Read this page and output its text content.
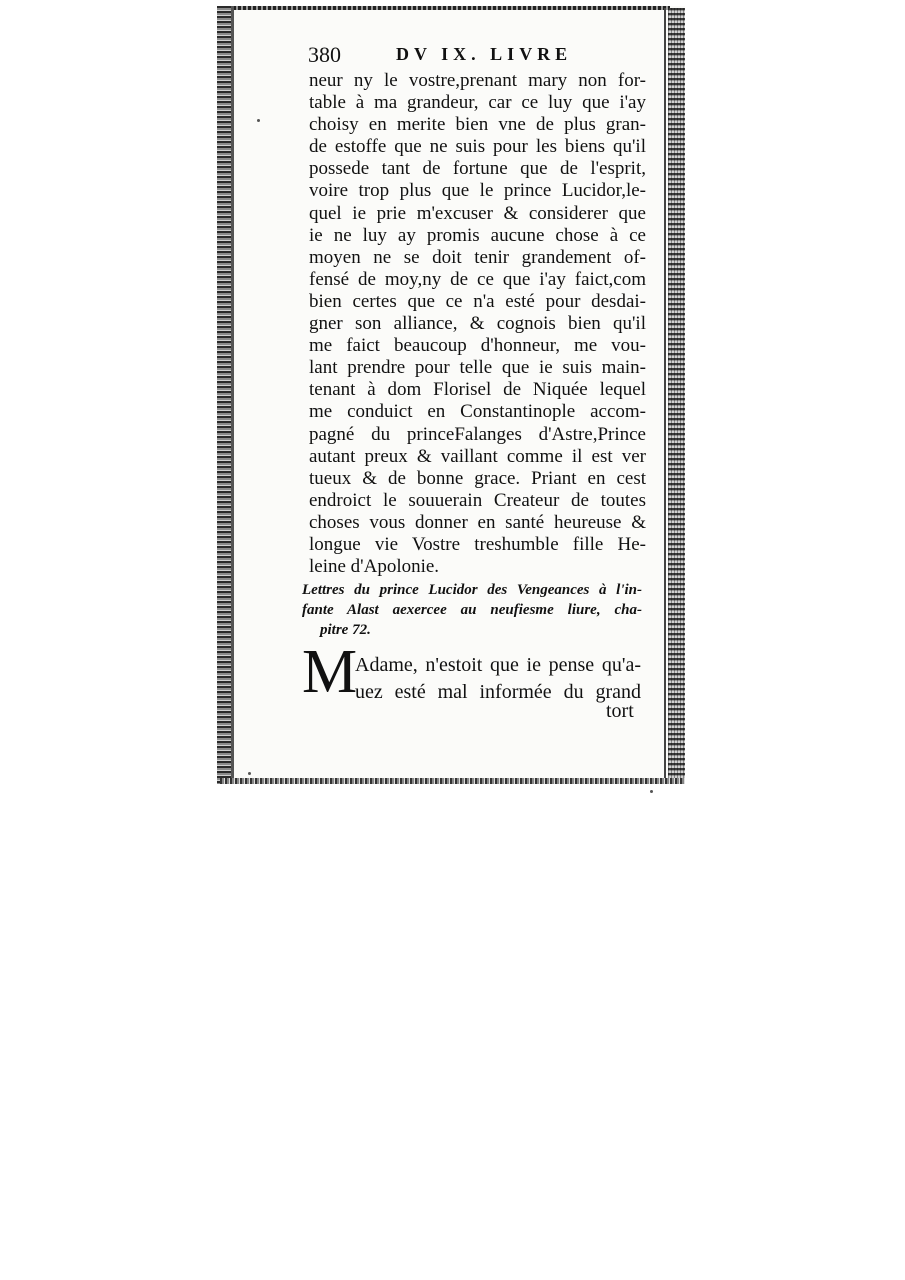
380	DV IX. LIVRE
neur ny le vostre,prenant mary non for-
table à ma grandeur, car ce luy que i'ay
choisy en merite bien vne de plus gran-
de estoffe que ne suis pour les biens qu'il
possede tant de fortune que de l'esprit,
voire trop plus que le prince Lucidor,le-
quel ie prie m'excuser & considerer que
ie ne luy ay promis aucune chose à ce
moyen ne se doit tenir grandement of-
fensé de moy,ny de ce que i'ay faict,com
bien certes que ce n'a esté pour desdai-
gner son alliance, & cognois bien qu'il
me faict beaucoup d'honneur, me vou-
lant prendre pour telle que ie suis main-
tenant à dom Florisel de Niquée lequel
me conduict en Constantinople accom-
pagné du princeFalanges d'Astre,Prince
autant preux & vaillant comme il est ver
tueux & de bonne grace. Priant en cest
endroict le souuerain Createur de toutes
choses vous donner en santé heureuse &
longue vie Vostre treshumble fille He-
leine d'Apolonie.
Lettres du prince Lucidor des Vengeances à l'in-
fante Alast aexercee au neufiesme liure, cha-
pitre 72.
M
Adame, n'estoit que ie pense qu'a-
uez esté mal informée du grand
tort
